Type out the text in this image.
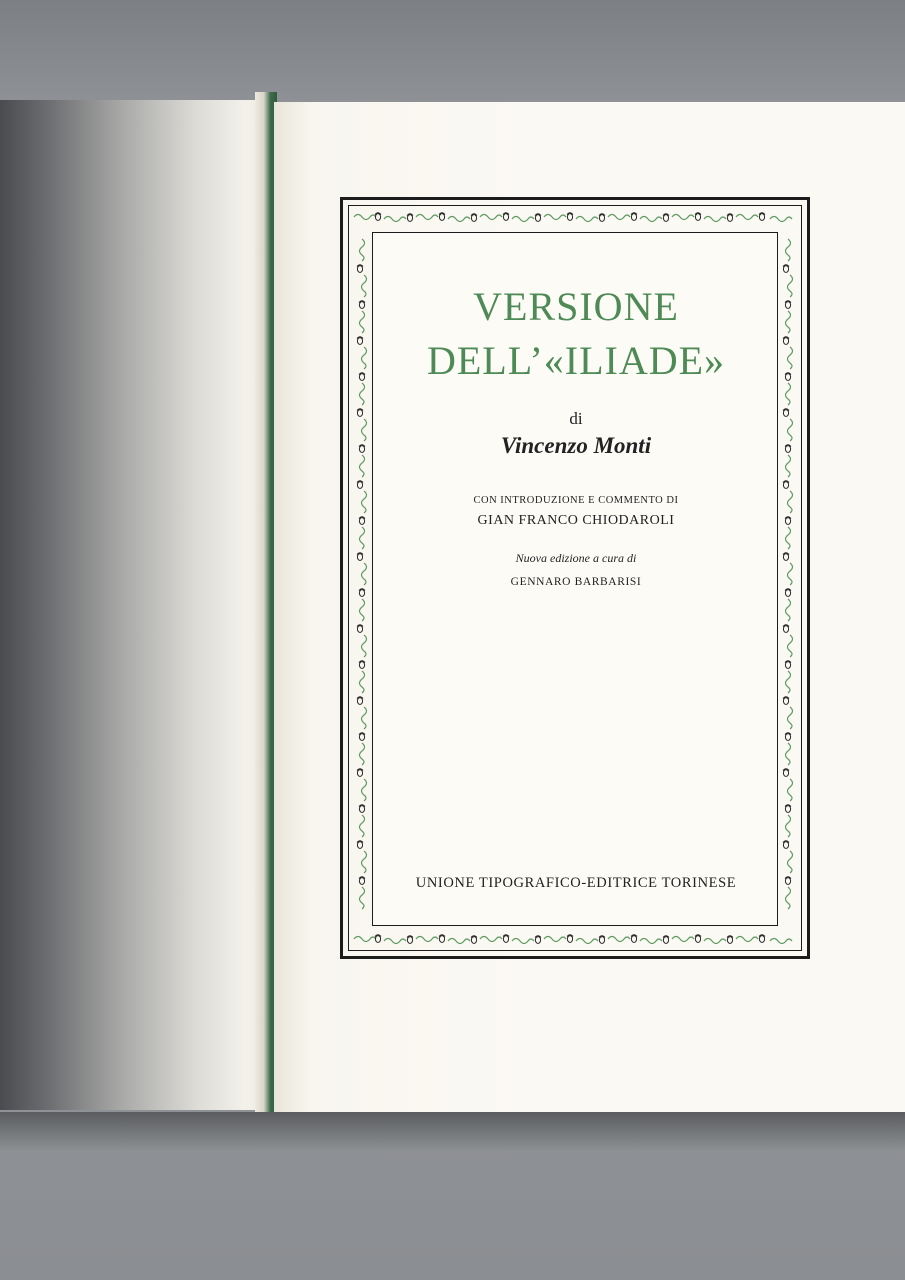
VERSIONE
DELL’«ILIADE»
di
Vincenzo Monti
CON INTRODUZIONE E COMMENTO DI
GIAN FRANCO CHIODAROLI
Nuova edizione a cura di
GENNARO BARBARISI
UNIONE TIPOGRAFICO-EDITRICE TORINESE
